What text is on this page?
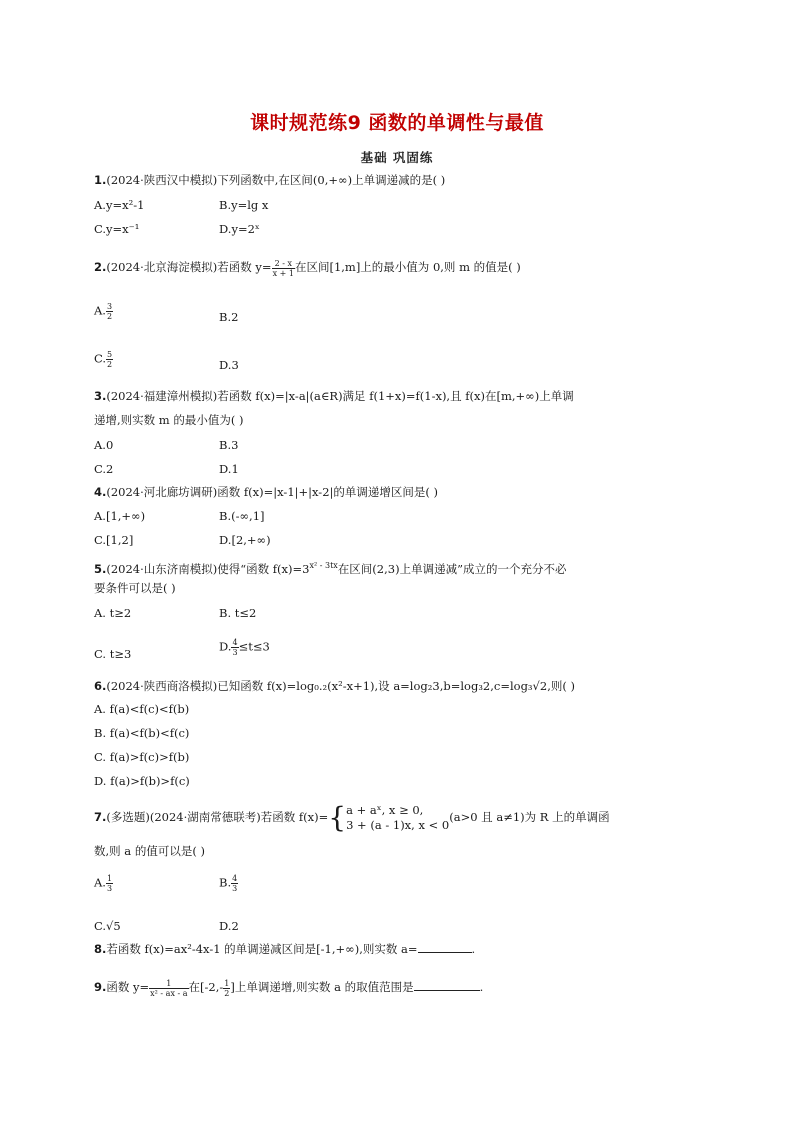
课时规范练9 函数的单调性与最值
基础 巩固练
1.(2024·陕西汉中模拟)下列函数中,在区间(0,+∞)上单调递减的是( )
A.y=x²-1	B.y=lg x
C.y=x⁻¹	D.y=2ˣ
2.(2024·北京海淀模拟)若函数 $y= \frac{2 - x}{x + 1}$ 在区间[1,m]上的最小值为 0,则 m 的值是( )
A. $\frac{3}{2}$	B.2
C. $\frac{5}{2}$	D.3
3.(2024·福建漳州模拟)若函数 f(x)=|x-a|(a∈R)满足 f(1+x)=f(1-x),且 f(x)在[m,+∞)上单调
递增,则实数 m 的最小值为( )
A.0	B.3
C.2	D.1
4.(2024·河北廊坊调研)函数 f(x)=|x-1|+|x-2|的单调递增区间是( )
A.[1,+∞)	B.(-∞,1]
C.[1,2]	D.[2,+∞)
5.(2024·山东济南模拟)使得“函数 $f(x)=3^{x^2 - 3tx}$在区间(2,3)上单调递减”成立的一个充分不必
要条件可以是( )
A. t≥2	B. t≤2
C. t≥3
D. $\frac{4}{3} \le t\le 3$
6.(2024·陕西商洛模拟)已知函数 f(x)=log₀.₂(x²-x+1),设 a=log₂3,b=log₃2,c=log₃√2,则( )
A. f(a)<f(c)<f(b)
B. f(a)<f(b)<f(c)
C. f(a)>f(c)>f(b)
D. f(a)>f(b)>f(c)
7.(多选题)(2024·湖南常德联考)若函数 f(x)={ a + aˣ, x ≥ 0,
3 + (a - 1)x, x < 0
(a>0 且 a≠1)为 R 上的单调函
数,则 a 的值可以是( )
A. $\frac{1}{3}$	B. $\frac{4}{3}$
C.√5	D.2
8.若函数 f(x)=ax²-4x-1 的单调递减区间是[-1,+∞),则实数 a=	.
9.函数 $y= \frac{1}{\text{x² - ax - a}}$ 在[$-2,- \frac{1}{2}$ ]上单调递增,则实数 a 的取值范围是	.
